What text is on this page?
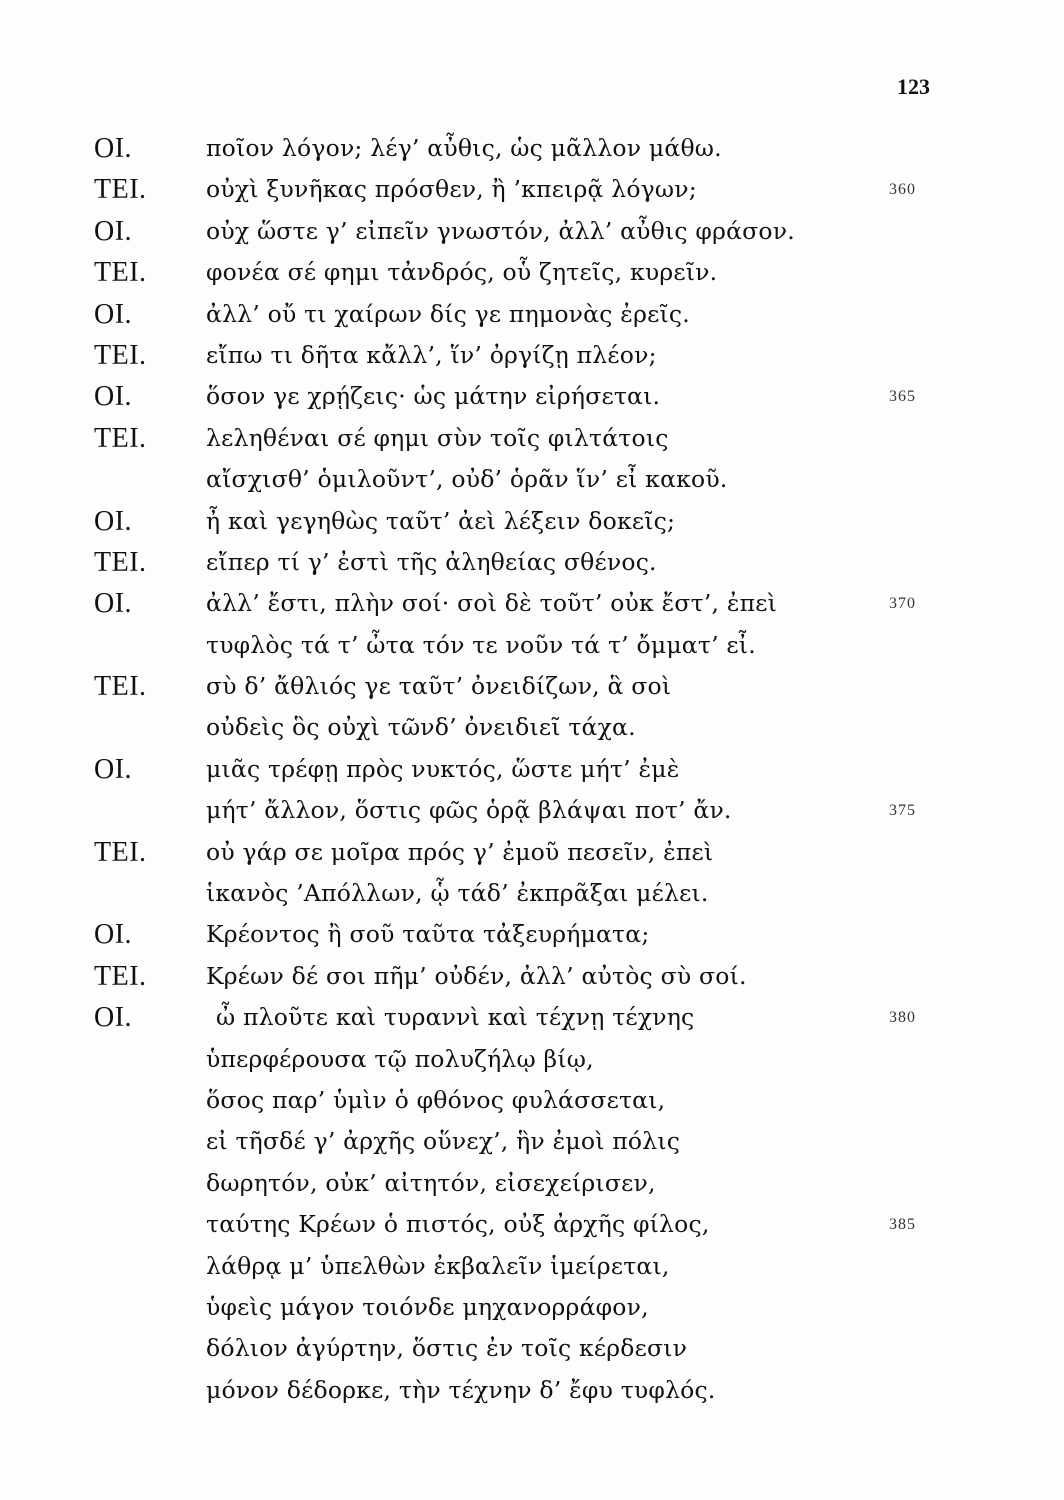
123
ΟΙ.	ποῖον λόγον; λέγ’ αὖθις, ὡς μᾶλλον μάθω.
ΤΕΙ.	οὐχὶ ξυνῆκας πρόσθεν, ἢ ’κπειρᾷ λόγων;	360
ΟΙ.	οὐχ ὥστε γ’ εἰπεῖν γνωστόν, ἀλλ’ αὖθις φράσον.
ΤΕΙ.	φονέα σέ φημι τἀνδρός, οὗ ζητεῖς, κυρεῖν.
ΟΙ.	ἀλλ’ οὔ τι χαίρων δίς γε πημονὰς ἐρεῖς.
ΤΕΙ.	εἴπω τι δῆτα κἄλλ’, ἵν’ ὀργίζῃ πλέον;
ΟΙ.	ὅσον γε χρῄζεις· ὡς μάτην εἰρήσεται.	365
ΤΕΙ.	λεληθέναι σέ φημι σὺν τοῖς φιλτάτοις
αἴσχισθ’ ὁμιλοῦντ’, οὐδ’ ὁρᾶν ἵν’ εἶ κακοῦ.
ΟΙ.	ἦ καὶ γεγηθὼς ταῦτ’ ἀεὶ λέξειν δοκεῖς;
ΤΕΙ.	εἴπερ τί γ’ ἐστὶ τῆς ἀληθείας σθένος.
ΟΙ.	ἀλλ’ ἔστι, πλὴν σοί· σοὶ δὲ τοῦτ’ οὐκ ἔστ’, ἐπεὶ	370
τυφλὸς τά τ’ ὦτα τόν τε νοῦν τά τ’ ὄμματ’ εἶ.
ΤΕΙ.	σὺ δ’ ἄθλιός γε ταῦτ’ ὀνειδίζων, ἃ σοὶ
οὐδεὶς ὃς οὐχὶ τῶνδ’ ὀνειδιεῖ τάχα.
ΟΙ.	μιᾶς τρέφῃ πρὸς νυκτός, ὥστε μήτ’ ἐμὲ
μήτ’ ἄλλον, ὅστις φῶς ὁρᾷ βλάψαι ποτ’ ἄν.	375
ΤΕΙ.	οὐ γάρ σε μοῖρα πρός γ’ ἐμοῦ πεσεῖν, ἐπεὶ
ἱκανὸς ’Απόλλων, ᾧ τάδ’ ἐκπρᾶξαι μέλει.
ΟΙ.	Κρέοντος ἢ σοῦ ταῦτα τἀξευρήματα;
ΤΕΙ.	Κρέων δέ σοι πῆμ’ οὐδέν, ἀλλ’ αὐτὸς σὺ σοί.
ΟΙ.	ὦ πλοῦτε καὶ τυραννὶ καὶ τέχνῃ τέχνης	380
ὑπερφέρουσα τῷ πολυζήλῳ βίῳ,
ὅσος παρ’ ὑμὶν ὁ φθόνος φυλάσσεται,
εἰ τῆσδέ γ’ ἀρχῆς οὕνεχ’, ἣν ἐμοὶ πόλις
δωρητόν, οὐκ’ αἰτητόν, εἰσεχείρισεν,
ταύτης Κρέων ὁ πιστός, οὐξ ἀρχῆς φίλος,	385
λάθρᾳ μ’ ὑπελθὼν ἐκβαλεῖν ἱμείρεται,
ὑφεὶς μάγον τοιόνδε μηχανορράφον,
δόλιον ἀγύρτην, ὅστις ἐν τοῖς κέρδεσιν
μόνον δέδορκε, τὴν τέχνην δ’ ἔφυ τυφλός.
